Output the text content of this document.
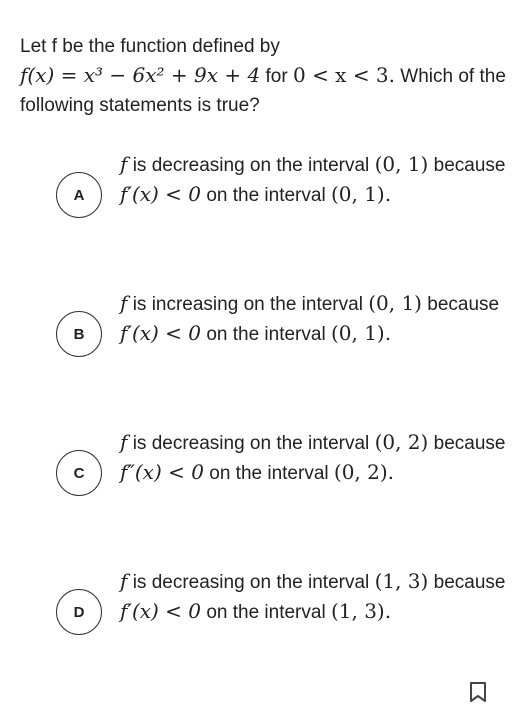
Let f be the function defined by
f(x) = x³ − 6x² + 9x + 4 for 0 < x < 3. Which of the following statements is true?
A
f is decreasing on the interval (0, 1) because f′(x) < 0 on the interval (0, 1).
B
f is increasing on the interval (0, 1) because f′(x) < 0 on the interval (0, 1).
C
f is decreasing on the interval (0, 2) because f″(x) < 0 on the interval (0, 2).
D
f is decreasing on the interval (1, 3) because f′(x) < 0 on the interval (1, 3).
